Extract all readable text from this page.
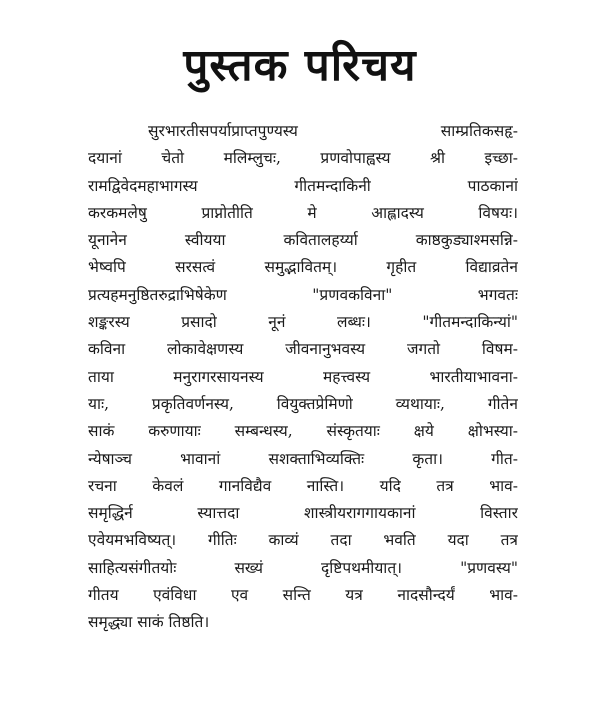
पुस्तक परिचय
सुरभारतीसपर्याप्राप्तपुण्यस्य साम्प्रतिकसहृ-
दयानां चेतो मलिम्लुचः, प्रणवोपाह्वस्य श्री इच्छा-
रामद्विवेदमहाभागस्य गीतमन्दाकिनी पाठकानां
करकमलेषु प्राप्नोतीति मे आह्लादस्य विषयः।
यूनानेन स्वीयया कवितालहर्य्या काष्ठकुड्याश्मसन्नि-
भेष्वपि सरसत्वं समुद्भावितम्। गृहीत विद्याव्रतेन
प्रत्यहमनुष्ठितरुद्राभिषेकेण "प्रणवकविना" भगवतः
शङ्करस्य प्रसादो नूनं लब्धः। "गीतमन्दाकिन्यां"
कविना लोकावेक्षणस्य जीवनानुभवस्य जगतो विषम-
ताया मनुरागरसायनस्य महत्त्वस्य भारतीयाभावना-
याः, प्रकृतिवर्णनस्य, वियुक्तप्रेमिणो व्यथायाः, गीतेन
साकं करुणायाः सम्बन्धस्य, संस्कृतयाः क्षये क्षोभस्या-
न्येषाञ्च भावानां सशक्ताभिव्यक्तिः कृता। गीत-
रचना केवलं गानविद्यैव नास्ति। यदि तत्र भाव-
समृद्धिर्न स्यात्तदा शास्त्रीयरागगायकानां विस्तार
एवेयमभविष्यत्। गीतिः काव्यं तदा भवति यदा तत्र
साहित्यसंगीतयोः सख्यं दृष्टिपथमीयात्। "प्रणवस्य"
गीतय एवंविधा एव सन्ति यत्र नादसौन्दर्यं भाव-
समृद्ध्या साकं तिष्ठति।
